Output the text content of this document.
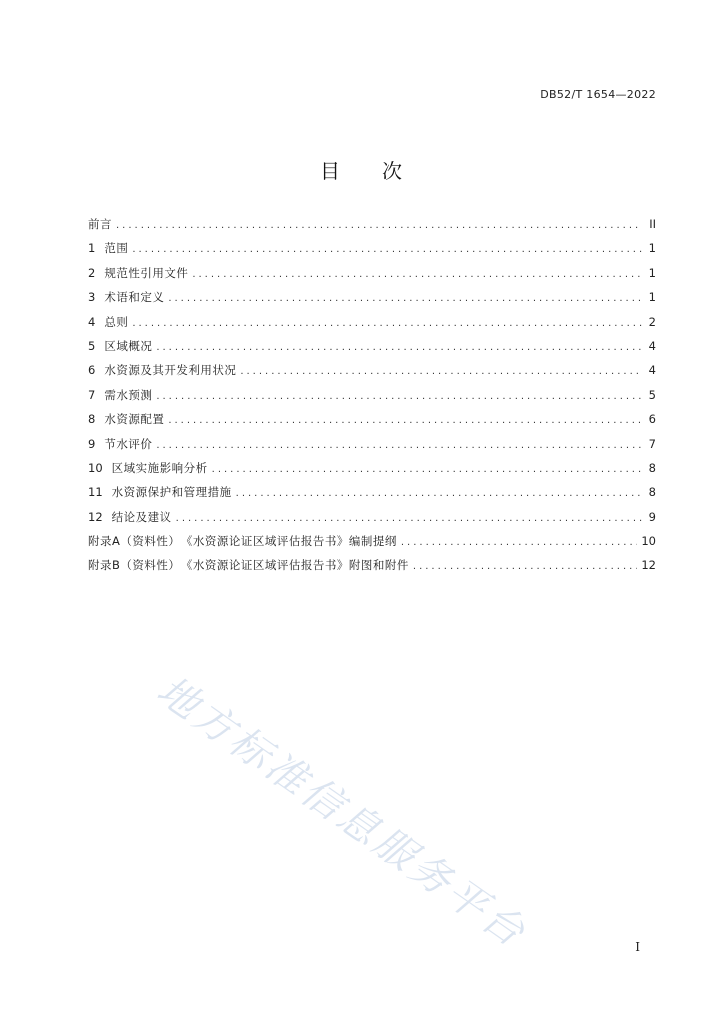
DB52/T 1654—2022
目 次
前言 .....	II
1 范围 .....	1
2 规范性引用文件 .....	1
3 术语和定义 .....	1
4 总则 .....	2
5 区域概况 .....	4
6 水资源及其开发利用状况 .....	4
7 需水预测 .....	5
8 水资源配置 .....	6
9 节水评价 .....	7
10 区域实施影响分析 .....	8
11 水资源保护和管理措施 .....	8
12 结论及建议 .....	9
附录A（资料性）　《水资源论证区域评估报告书》编制提纲 .....	10
附录B（资料性）　《水资源论证区域评估报告书》附图和附件 .....	12
地方标准信息服务平台	I
